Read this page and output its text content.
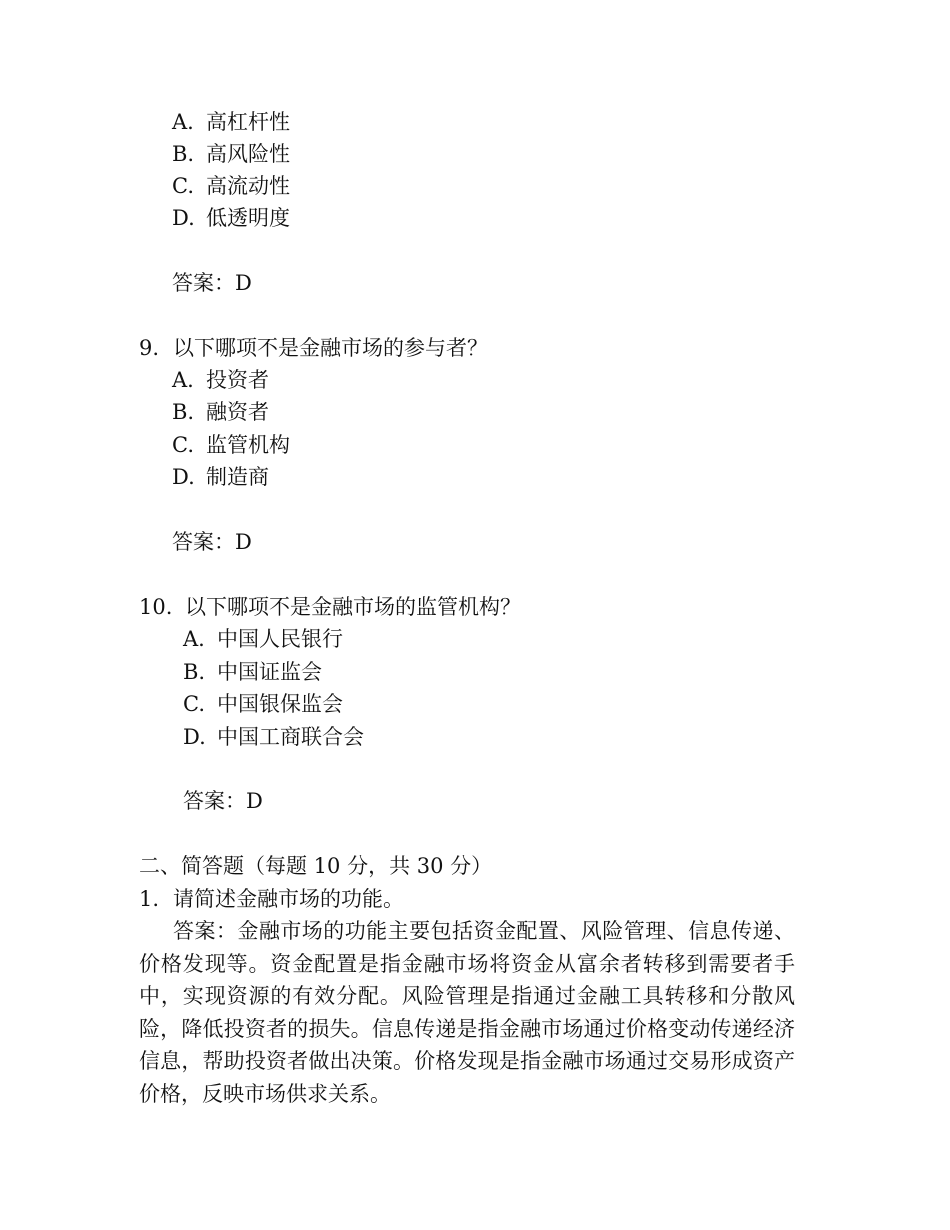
A. 高杠杆性
B. 高风险性
C. 高流动性
D. 低透明度
答案：D
9. 以下哪项不是金融市场的参与者？
A. 投资者
B. 融资者
C. 监管机构
D. 制造商
答案：D
10. 以下哪项不是金融市场的监管机构？
A. 中国人民银行
B. 中国证监会
C. 中国银保监会
D. 中国工商联合会
答案：D
二、简答题（每题 10 分，共 30 分）
1. 请简述金融市场的功能。

答案：金融市场的功能主要包括资金配置、风险管理、信息传递、价格发现等。资金配置是指金融市场将资金从富余者转移到需要者手中，实现资源的有效分配。风险管理是指通过金融工具转移和分散风险，降低投资者的损失。信息传递是指金融市场通过价格变动传递经济信息，帮助投资者做出决策。价格发现是指金融市场通过交易形成资产价格，反映市场供求关系。
